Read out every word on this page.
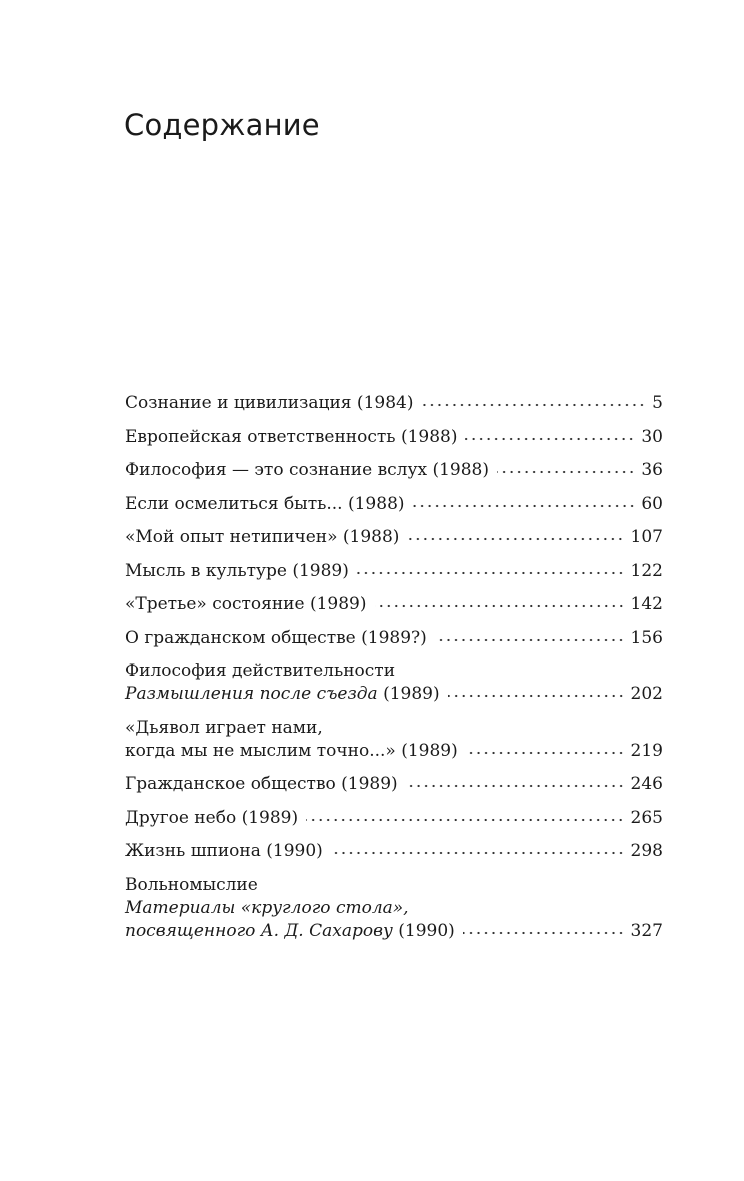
Содержание
Сознание и цивилизация (1984)	5
Европейская ответственность (1988)	30
Философия — это сознание вслух (1988)	36
Если осмелиться быть... (1988)	60
«Мой опыт нетипичен» (1988)	107
Мысль в культуре (1989)	122
«Третье» состояние (1989)	142
О гражданском обществе (1989?)	156
Философия действительности
Размышления после съезда (1989)	202
«Дьявол играет нами,
когда мы не мыслим точно...» (1989)	219
Гражданское общество (1989)	246
Другое небо (1989)	265
Жизнь шпиона (1990)	298
Вольномыслие
Материалы «круглого стола»,
посвященного А. Д. Сахарову (1990)	327
